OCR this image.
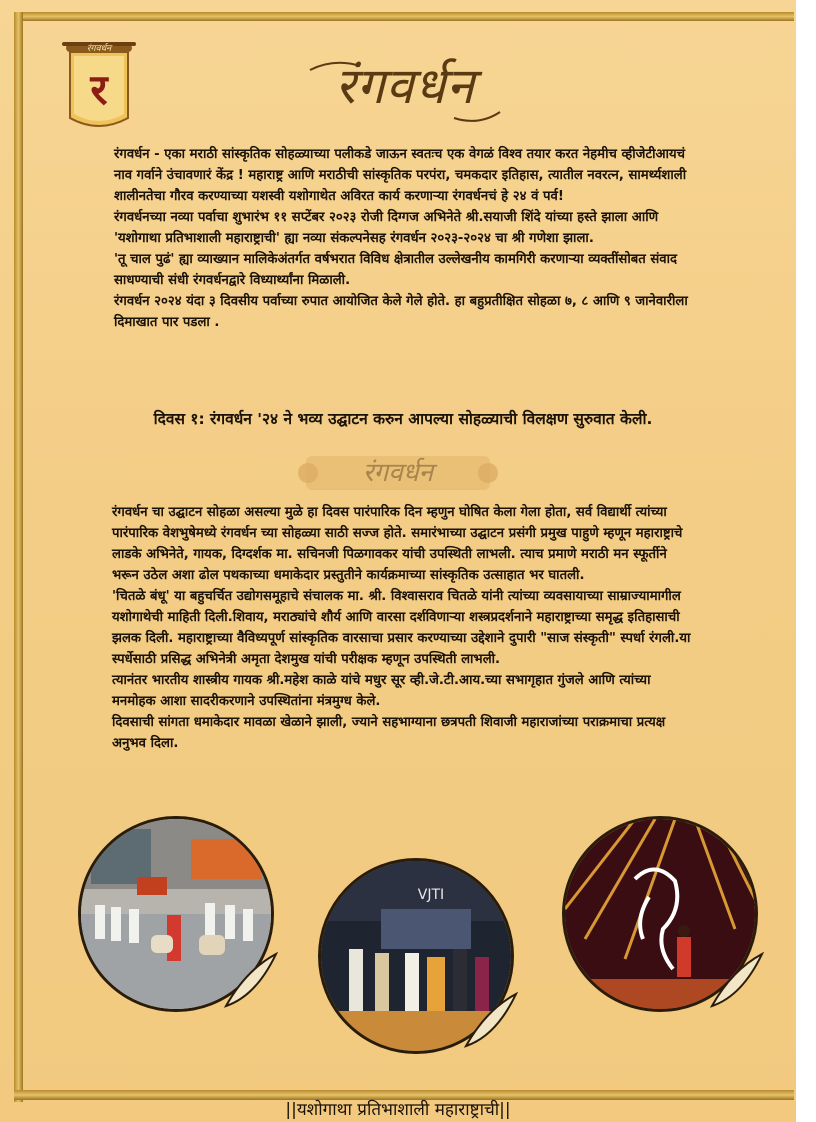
रंगवर्धन
र	रंगवर्धन

रंगवर्धन - एका मराठी सांस्कृतिक सोहळ्याच्या पलीकडे जाऊन स्वतःच एक वेगळं विश्व तयार करत नेहमीच व्हीजेटीआयचं नाव गर्वाने उंचावणारं केंद्र ! महाराष्ट्र आणि मराठीची सांस्कृतिक परपंरा, चमकदार इतिहास, त्यातील नवरत्न, सामर्थ्यशाली शालीनतेचा गौरव करण्याच्या यशस्वी यशोगाथेत अविरत कार्य करणाऱ्या रंगवर्धनचं हे २४ वं पर्व!

रंगवर्धनच्या नव्या पर्वाचा शुभारंभ ११ सप्टेंबर २०२३ रोजी दिग्गज अभिनेते श्री.सयाजी शिंदे यांच्या हस्ते झाला आणि 'यशोगाथा प्रतिभाशाली महाराष्ट्राची' ह्या नव्या संकल्पनेसह रंगवर्धन २०२३-२०२४ चा श्री गणेशा झाला.

'तू चाल पुढं' ह्या व्याख्यान मालिकेअंतर्गत वर्षभरात विविध क्षेत्रातील उल्लेखनीय कामगिरी करणाऱ्या व्यक्तींसोबत संवाद साधण्याची संधी रंगवर्धनद्वारे विध्यार्थ्यांना मिळाली.

रंगवर्धन २०२४ यंदा ३ दिवसीय पर्वाच्या रुपात आयोजित केले गेले होते. हा बहुप्रतीक्षित सोहळा ७, ८ आणि ९ जानेवारीला दिमाखात पार पडला .

दिवस १: रंगवर्धन '२४ ने भव्य उद्घाटन करुन आपल्या सोहळ्याची विलक्षण सुरुवात केली.
रंगवर्धन

रंगवर्धन चा उद्घाटन सोहळा असल्या मुळे हा दिवस पारंपारिक दिन म्हणुन घोषित केला गेला होता, सर्व विद्यार्थी त्यांच्या पारंपारिक वेशभुषेमध्ये रंगवर्धन च्या सोहळ्या साठी सज्ज होते. समारंभाच्या उद्घाटन प्रसंगी प्रमुख पाहुणे म्हणून महाराष्ट्राचे लाडके अभिनेते, गायक, दिग्दर्शक मा. सचिनजी पिळगावकर यांची उपस्थिती लाभली. त्याच प्रमाणे मराठी मन स्फूर्तीने भरून उठेल अशा ढोल पथकाच्या धमाकेदार प्रस्तुतीने कार्यक्रमाच्या सांस्कृतिक उत्साहात भर घातली.

'चितळे बंधू' या बहुचर्चित उद्योगसमूहाचे संचालक मा. श्री. विश्वासराव चितळे यांनी त्यांच्या व्यवसायाच्या साम्राज्यामागील यशोगाथेची माहिती दिली.शिवाय, मराठ्यांचे शौर्य आणि वारसा दर्शविणाऱ्या शस्त्रप्रदर्शनाने महाराष्ट्राच्या समृद्ध इतिहासाची झलक दिली. महाराष्ट्राच्या वैविध्यपूर्ण सांस्कृतिक वारसाचा प्रसार करण्याच्या उद्देशाने दुपारी "साज संस्कृती" स्पर्धा रंगली.या स्पर्धेसाठी प्रसिद्ध अभिनेत्री अमृता देशमुख यांची परीक्षक म्हणून उपस्थिती लाभली.

त्यानंतर भारतीय शास्त्रीय गायक श्री.महेश काळे यांचे मधुर सूर व्ही.जे.टी.आय.च्या सभागृहात गुंजले आणि त्यांच्या मनमोहक आशा सादरीकरणाने उपस्थितांना मंत्रमुग्ध केले.

दिवसाची सांगता धमाकेदार मावळा खेळाने झाली, ज्याने सहभाग्याना छत्रपती शिवाजी महाराजांच्या पराक्रमाचा प्रत्यक्ष अनुभव दिला.

VJTI
||यशोगाथा प्रतिभाशाली महाराष्ट्राची||
